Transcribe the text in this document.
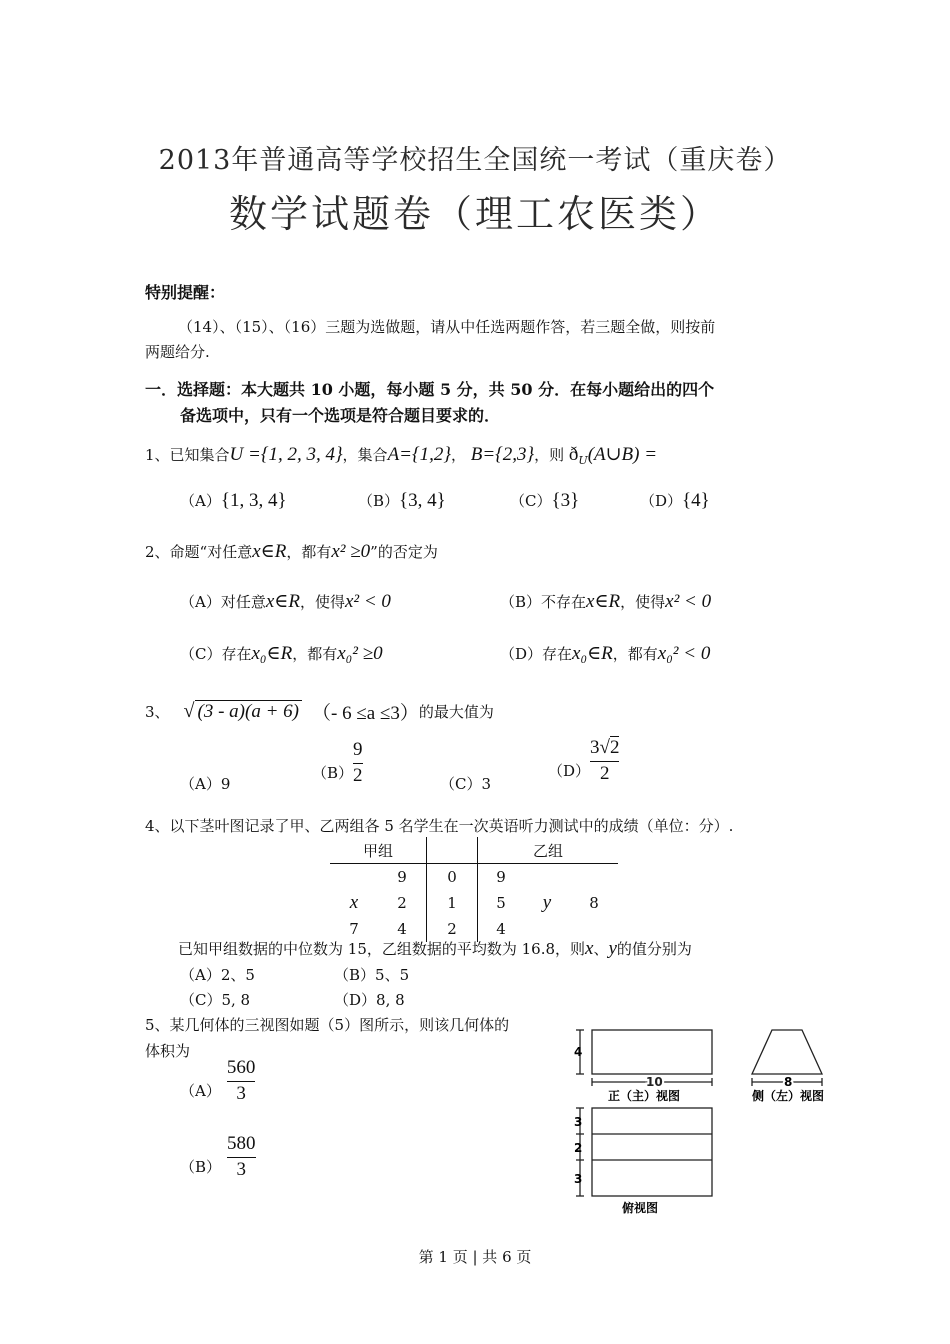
2013年普通高等学校招生全国统一考试（重庆卷）
数学试题卷（理工农医类）
特别提醒：
（14）、（15）、（16）三题为选做题，请从中任选两题作答，若三题全做，则按前
两题给分.
一．选择题：本大题共 10 小题，每小题 5 分，共 50 分．在每小题给出的四个
备选项中，只有一个选项是符合题目要求的．
1、已知集合U ={1, 2, 3, 4}，集合A={1,2}， B={2,3}，则 $ð_U(A\cup B)$ =
（A）{1, 3, 4}	（B）{3, 4}	（C）{3}	（D）{4}
2、命题“对任意x∈R，都有x² ≥0”的否定为
（A）对任意x∈R，使得x² < 0	（B）不存在x∈R，使得x² < 0
（C）存在x₀∈R，都有x₀² ≥0	（D）存在x₀∈R，都有x₀² < 0
3、 √ (3 - a)(a + 6) （- 6 ≤a ≤3） 的最大值为
（A）9
$(B) \frac{9}{2}$	（C）3
$(D) \frac{3√2}{2}$
4、以下茎叶图记录了甲、乙两组各 5 名学生在一次英语听力测试中的成绩（单位：分）.
甲组			乙组		
	9	0	9		
x	2	1	5	y	8
7	4	2	4		
已知甲组数据的中位数为 15，乙组数据的平均数为 16.8，则x、y的值分别为
（A）2、5	（B）5、5
（C）5, 8	（D）8, 8
5、某几何体的三视图如题（5）图所示，则该几何体的
体积为
$(A) \frac{560}{3}$
$(B) \frac{580}{3}$
4
10
正（主）视图
8
侧（左）视图
3
2
3
俯视图
第 1 页 | 共 6 页
